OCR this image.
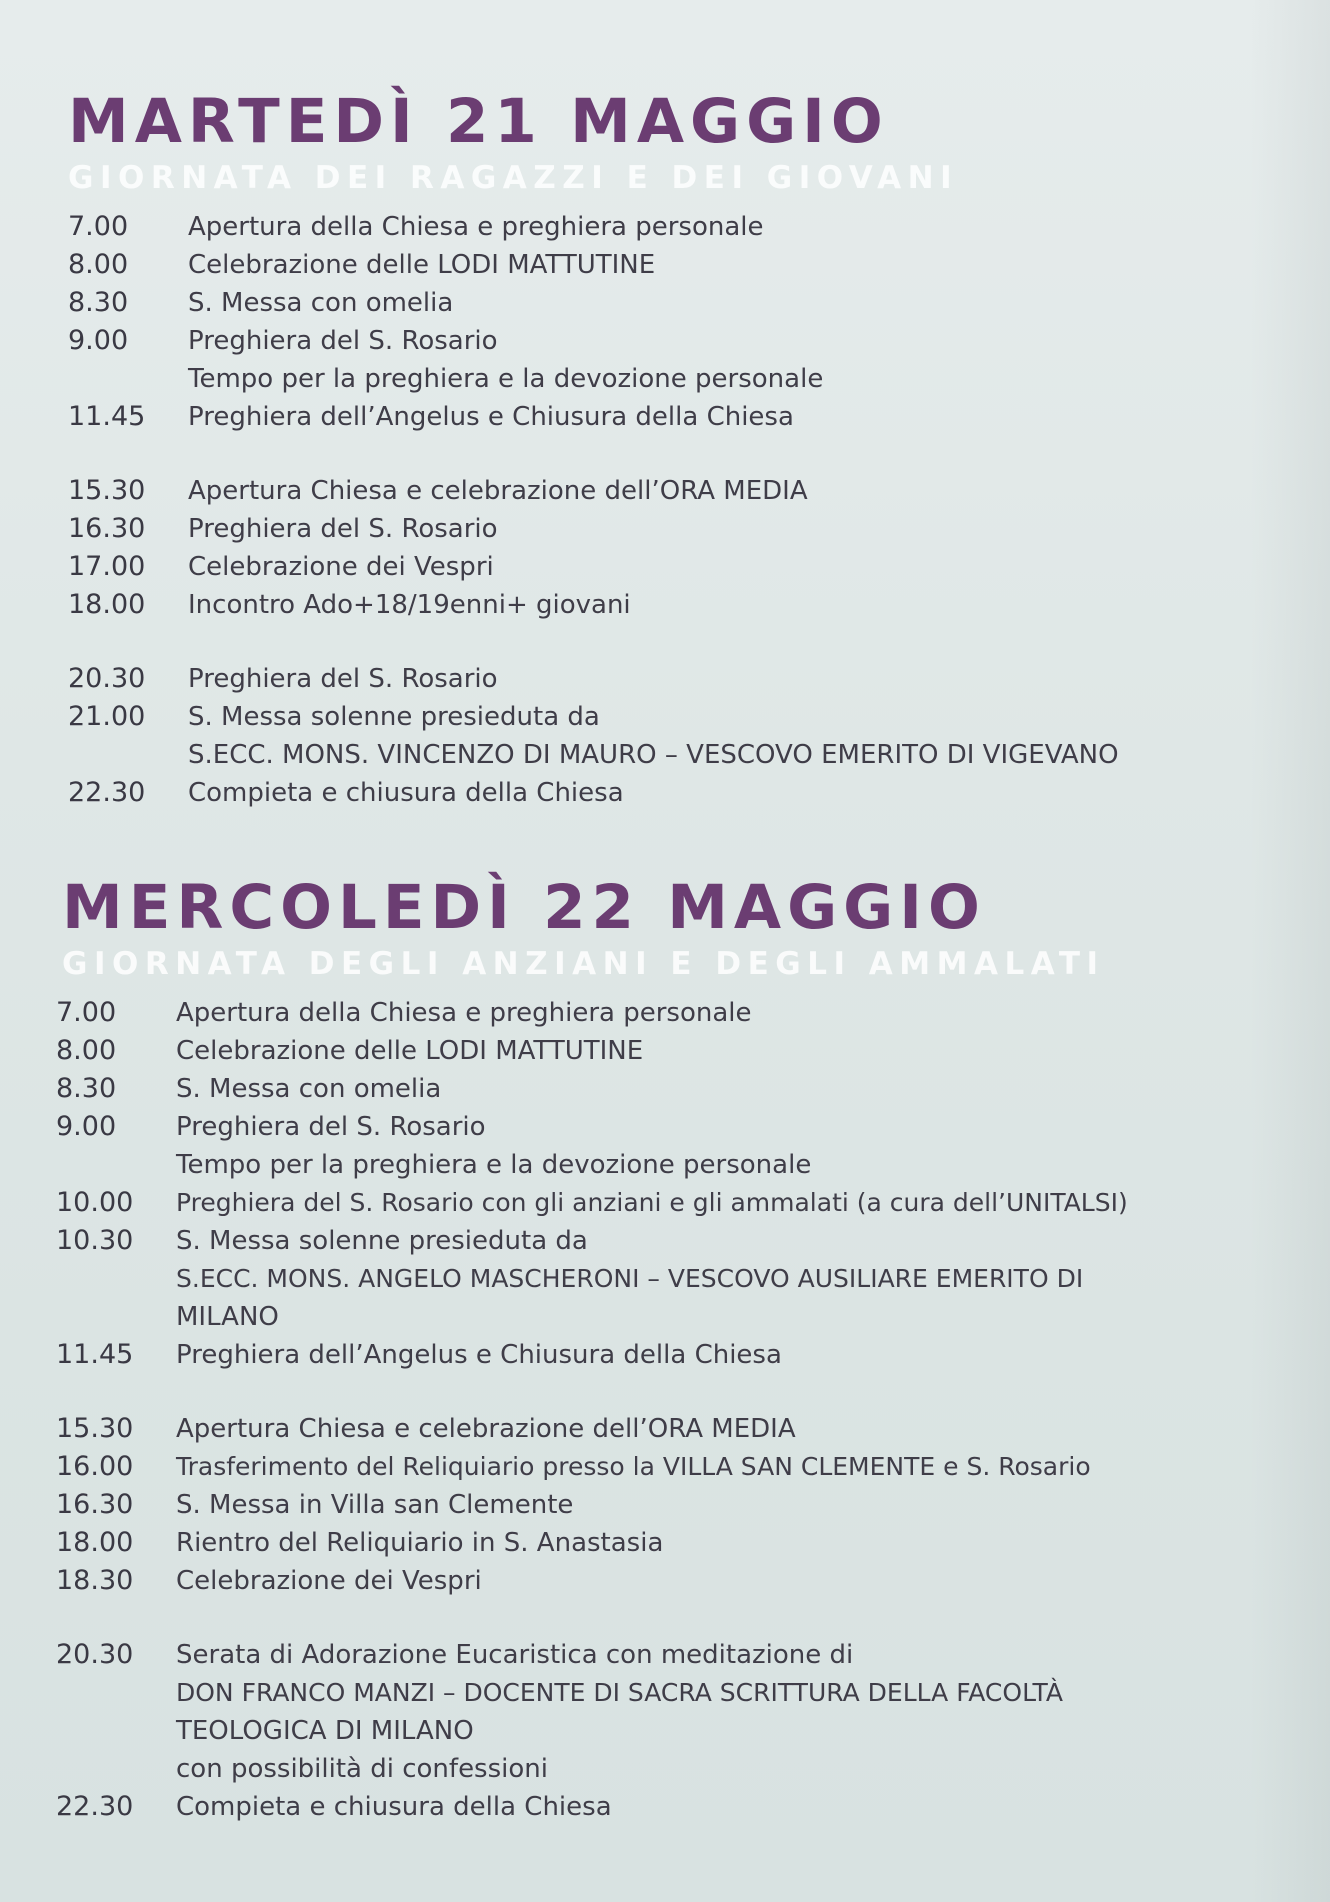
MARTEDÌ 21 MAGGIO
GIORNATA DEI RAGAZZI E DEI GIOVANI
7.00	Apertura della Chiesa e preghiera personale
8.00	Celebrazione delle LODI MATTUTINE
8.30	S. Messa con omelia
9.00	Preghiera del S. Rosario
Tempo per la preghiera e la devozione personale
11.45	Preghiera dell’Angelus e Chiusura della Chiesa
15.30	Apertura Chiesa e celebrazione dell’ORA MEDIA
16.30	Preghiera del S. Rosario
17.00	Celebrazione dei Vespri
18.00	Incontro Ado+18/19enni+ giovani
20.30	Preghiera del S. Rosario
21.00	S. Messa solenne presieduta da
S.ECC. MONS. VINCENZO DI MAURO – VESCOVO EMERITO DI VIGEVANO
22.30	Compieta e chiusura della Chiesa
MERCOLEDÌ 22 MAGGIO
GIORNATA DEGLI ANZIANI E DEGLI AMMALATI
7.00	Apertura della Chiesa e preghiera personale
8.00	Celebrazione delle LODI MATTUTINE
8.30	S. Messa con omelia
9.00	Preghiera del S. Rosario
Tempo per la preghiera e la devozione personale
10.00	Preghiera del S. Rosario con gli anziani e gli ammalati (a cura dell’UNITALSI)
10.30	S. Messa solenne presieduta da
S.ECC. MONS. ANGELO MASCHERONI – VESCOVO AUSILIARE EMERITO DI
MILANO
11.45	Preghiera dell’Angelus e Chiusura della Chiesa
15.30	Apertura Chiesa e celebrazione dell’ORA MEDIA
16.00	Trasferimento del Reliquiario presso la VILLA SAN CLEMENTE e S. Rosario
16.30	S. Messa in Villa san Clemente
18.00	Rientro del Reliquiario in S. Anastasia
18.30	Celebrazione dei Vespri
20.30	Serata di Adorazione Eucaristica con meditazione di
DON FRANCO MANZI – DOCENTE DI SACRA SCRITTURA DELLA FACOLTÀ
TEOLOGICA DI MILANO
con possibilità di confessioni
22.30	Compieta e chiusura della Chiesa
